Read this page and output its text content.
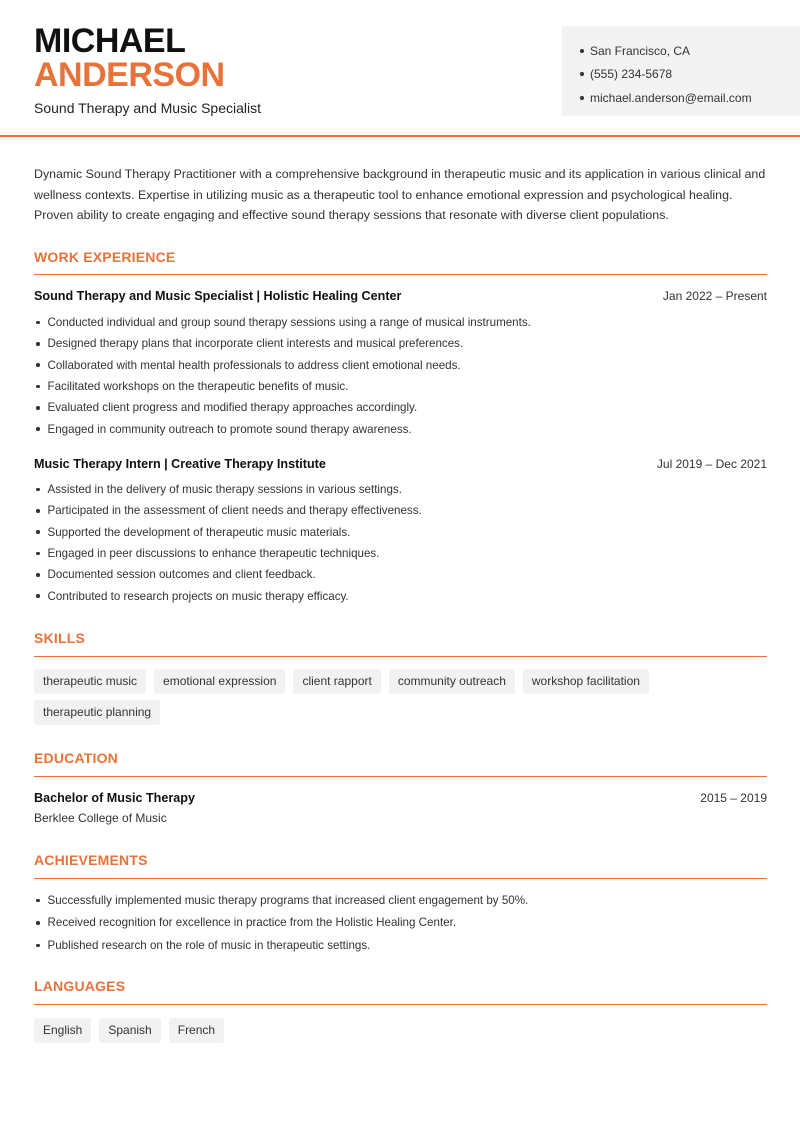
MICHAEL
ANDERSON
Sound Therapy and Music Specialist
San Francisco, CA
(555) 234-5678
michael.anderson@email.com

Dynamic Sound Therapy Practitioner with a comprehensive background in therapeutic music and its application in various clinical and wellness contexts. Expertise in utilizing music as a therapeutic tool to enhance emotional expression and psychological healing. Proven ability to create engaging and effective sound therapy sessions that resonate with diverse client populations.

WORK EXPERIENCE
Sound Therapy and Music Specialist | Holistic Healing Center	Jan 2022 – Present
Conducted individual and group sound therapy sessions using a range of musical instruments.
Designed therapy plans that incorporate client interests and musical preferences.
Collaborated with mental health professionals to address client emotional needs.
Facilitated workshops on the therapeutic benefits of music.
Evaluated client progress and modified therapy approaches accordingly.
Engaged in community outreach to promote sound therapy awareness.
Music Therapy Intern | Creative Therapy Institute	Jul 2019 – Dec 2021
Assisted in the delivery of music therapy sessions in various settings.
Participated in the assessment of client needs and therapy effectiveness.
Supported the development of therapeutic music materials.
Engaged in peer discussions to enhance therapeutic techniques.
Documented session outcomes and client feedback.
Contributed to research projects on music therapy efficacy.
SKILLS
therapeutic music	emotional expression	client rapport	community outreach	workshop facilitation
therapeutic planning
EDUCATION
Bachelor of Music Therapy	2015 – 2019
Berklee College of Music
ACHIEVEMENTS
Successfully implemented music therapy programs that increased client engagement by 50%.
Received recognition for excellence in practice from the Holistic Healing Center.
Published research on the role of music in therapeutic settings.
LANGUAGES
English	Spanish	French
